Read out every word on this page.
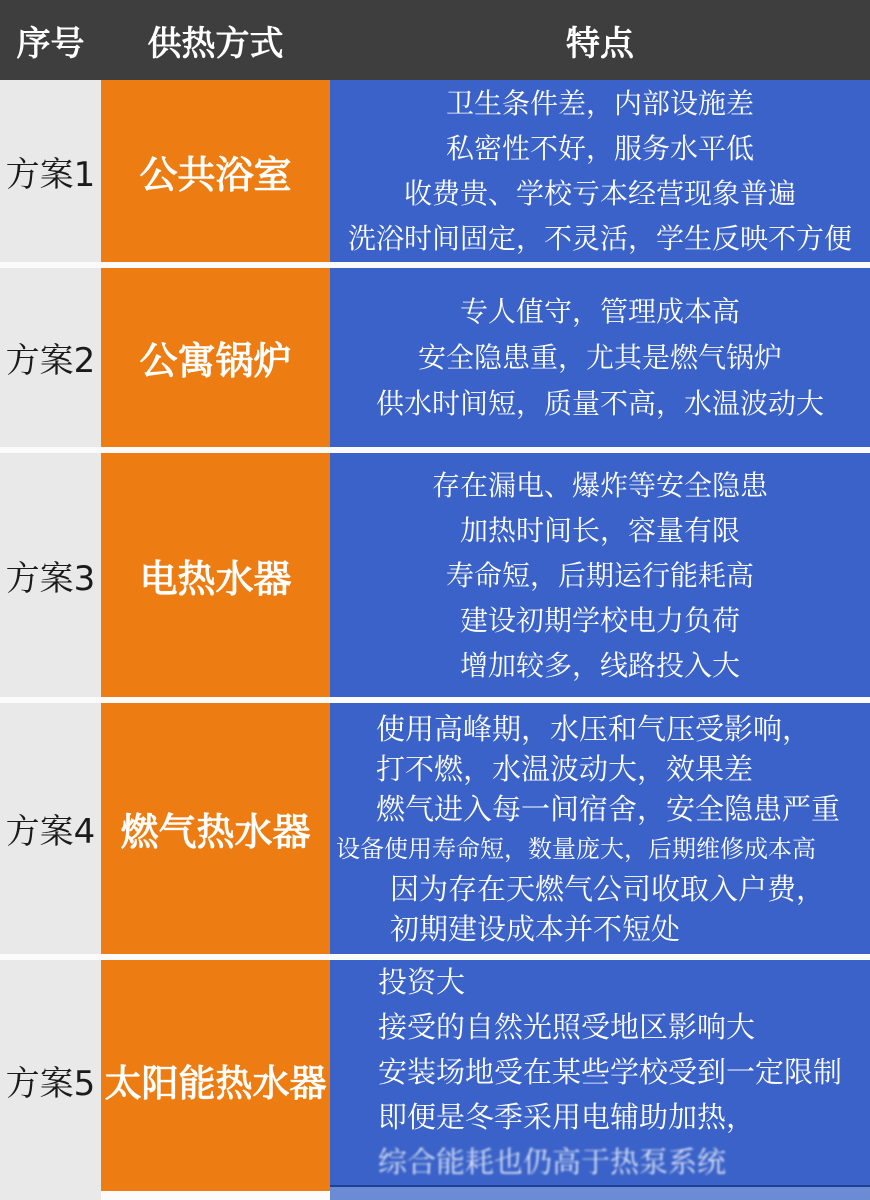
序号	供热方式	特点
方案1 公共浴室
卫生条件差，内部设施差
私密性不好，服务水平低
收费贵、学校亏本经营现象普遍
洗浴时间固定，不灵活，学生反映不方便
方案2 公寓锅炉
专人值守，管理成本高
安全隐患重，尤其是燃气锅炉
供水时间短，质量不高，水温波动大
方案3 电热水器
存在漏电、爆炸等安全隐患
加热时间长，容量有限
寿命短，后期运行能耗高
建设初期学校电力负荷
增加较多，线路投入大
方案4 燃气热水器
使用高峰期，水压和气压受影响，
打不燃，水温波动大，效果差
燃气进入每一间宿舍，安全隐患严重
设备使用寿命短，数量庞大，后期维修成本高
因为存在天燃气公司收取入户费，
初期建设成本并不短处
方案5 太阳能热水器
投资大
接受的自然光照受地区影响大
安装场地受在某些学校受到一定限制
即便是冬季采用电辅助加热，
综合能耗也仍高于热泵系统
